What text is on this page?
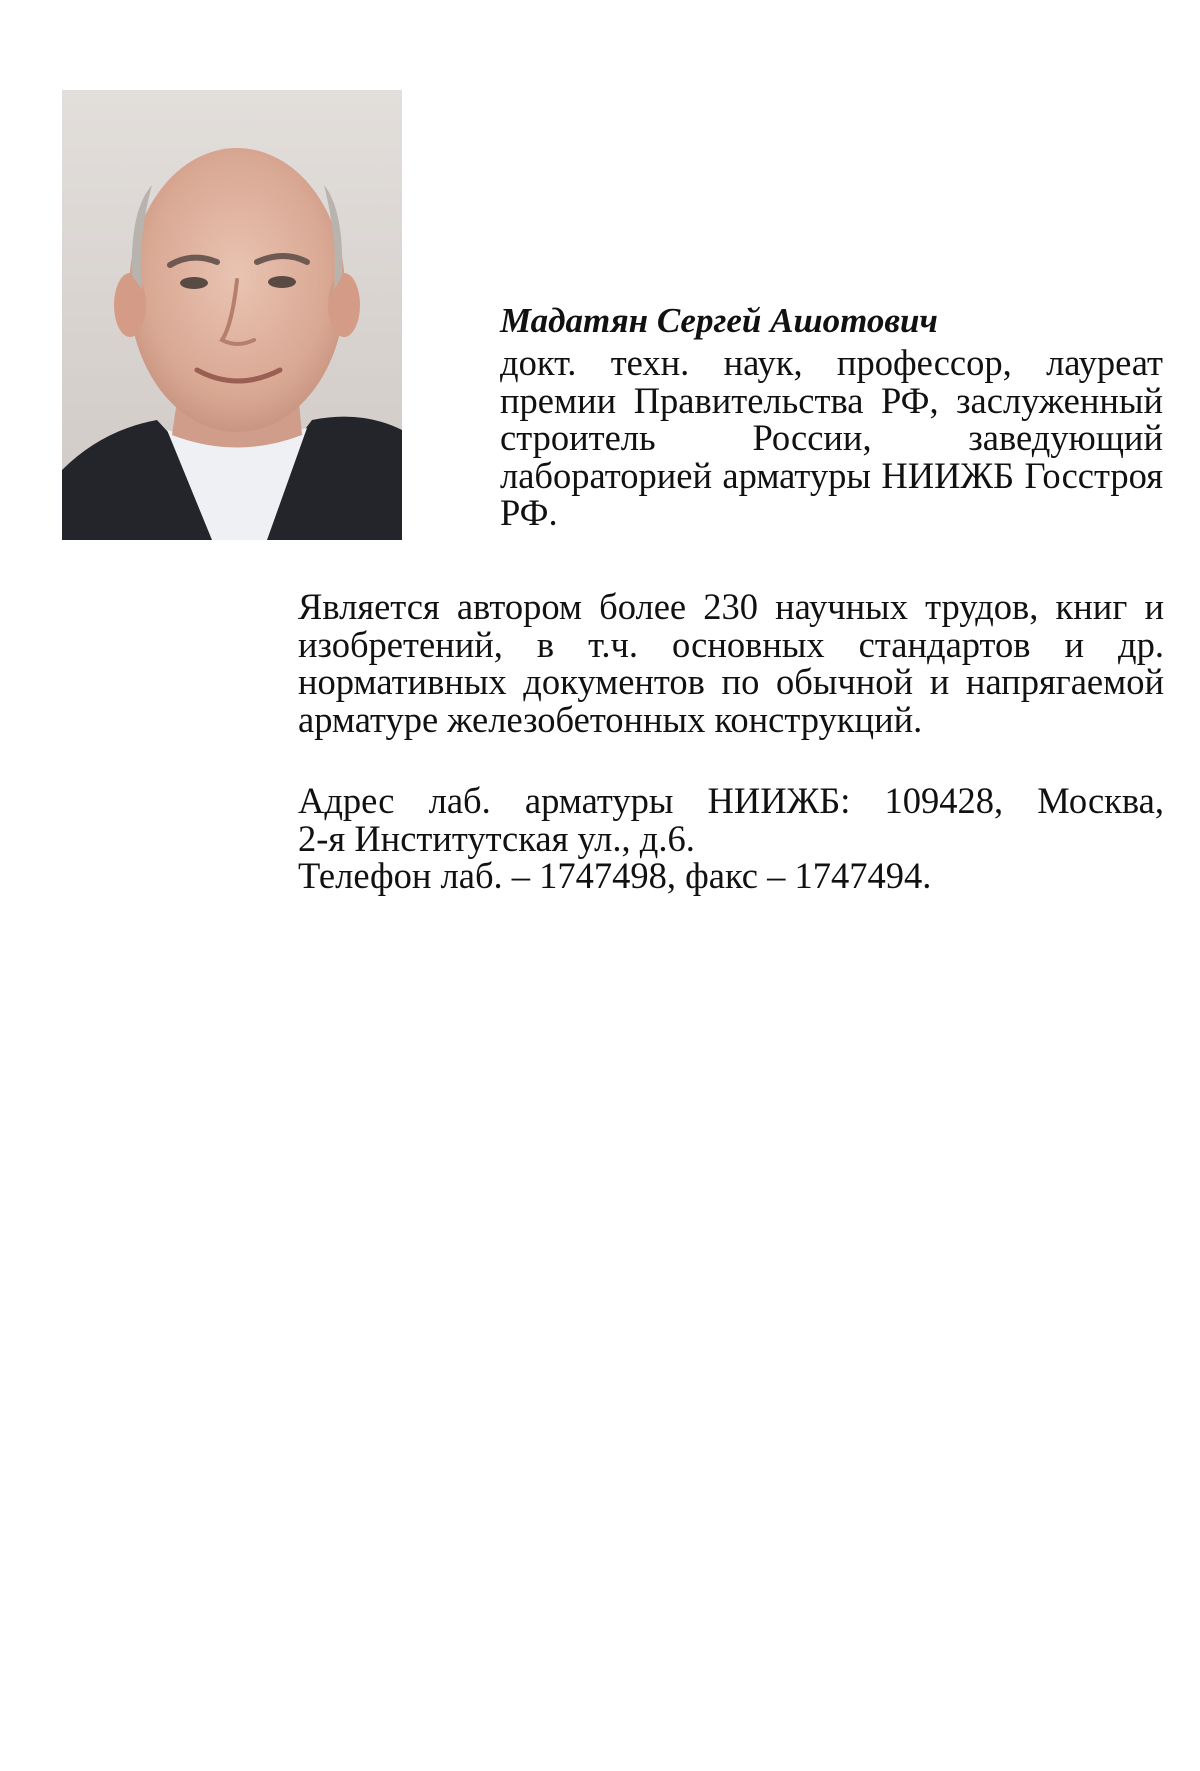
Мадатян Сергей Ашотович

докт. техн. наук, профессор, лауреат премии Правительства РФ, заслуженный строитель России, заведующий лабораторией арматуры НИИЖБ Госстроя РФ.

Является автором более 230 научных трудов, книг и изобретений, в т.ч. основных стандартов и др. нормативных документов по обычной и напрягаемой арматуре железобетонных конструкций.

Адрес лаб. арматуры НИИЖБ: 109428, Москва,
2-я Институтская ул., д.6.
Телефон лаб. – 1747498, факс – 1747494.
